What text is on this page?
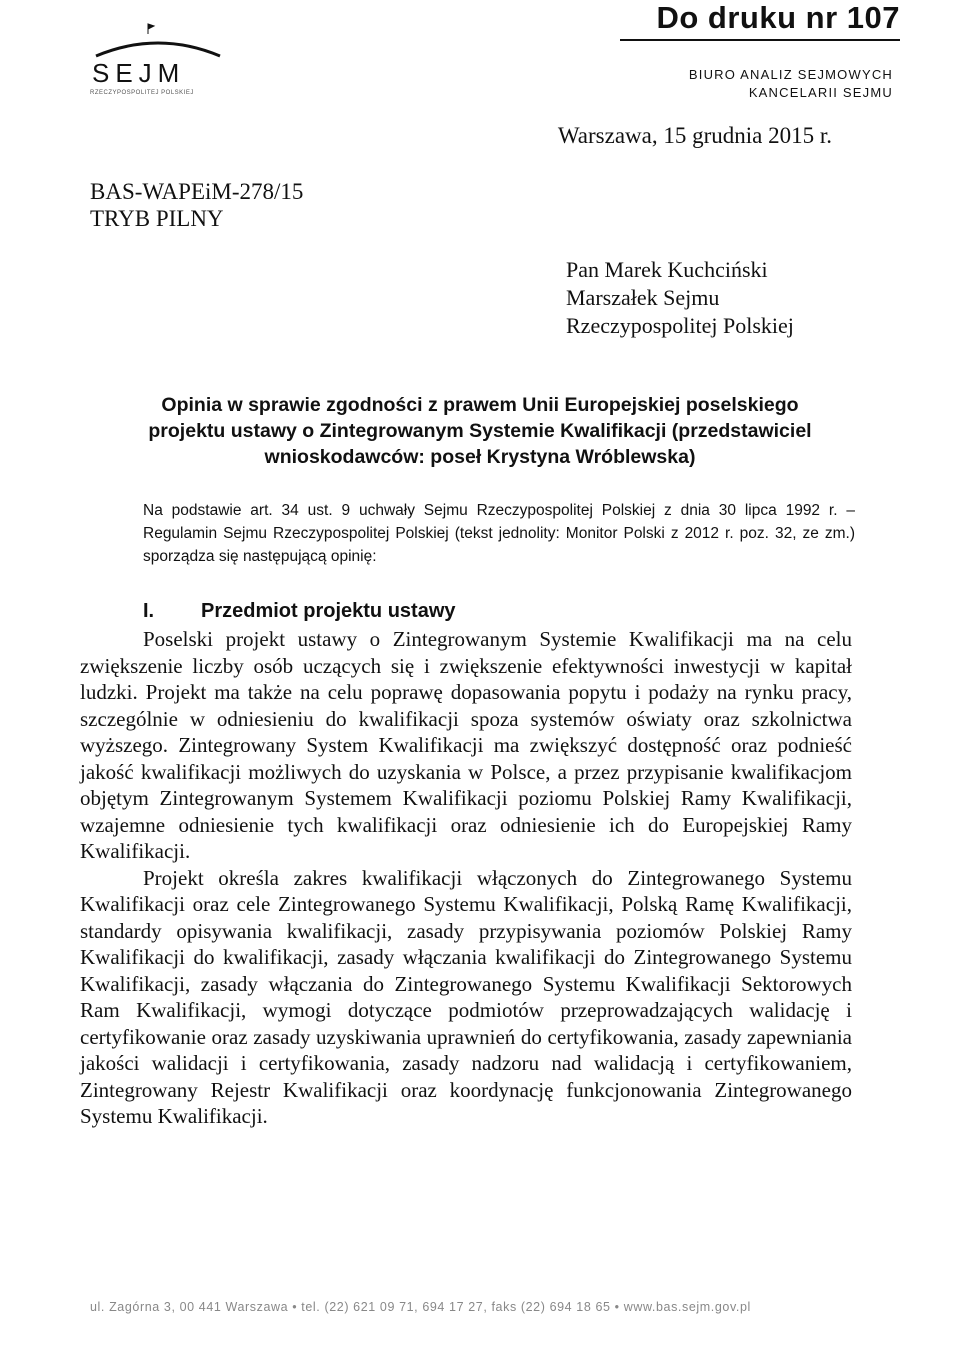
Do druku nr 107
SEJM
RZECZYPOSPOLITEJ POLSKIEJ
BIURO ANALIZ SEJMOWYCH
KANCELARII SEJMU
Warszawa, 15 grudnia 2015 r.
BAS-WAPEiM-278/15
TRYB PILNY
Pan Marek Kuchciński
Marszałek Sejmu
Rzeczypospolitej Polskiej
Opinia w sprawie zgodności z prawem Unii Europejskiej poselskiego
projektu ustawy o Zintegrowanym Systemie Kwalifikacji (przedstawiciel
wnioskodawców: poseł Krystyna Wróblewska)
Na podstawie art. 34 ust. 9 uchwały Sejmu Rzeczypospolitej Polskiej z dnia 30 lipca 1992 r. – Regulamin Sejmu Rzeczypospolitej Polskiej (tekst jednolity: Monitor Polski z 2012 r. poz. 32, ze zm.) sporządza się następującą opinię:
I. Przedmiot projektu ustawy

Poselski projekt ustawy o Zintegrowanym Systemie Kwalifikacji ma na celu zwiększenie liczby osób uczących się i zwiększenie efektywności inwestycji w kapitał ludzki. Projekt ma także na celu poprawę dopasowania popytu i podaży na rynku pracy, szczególnie w odniesieniu do kwalifikacji spoza systemów oświaty oraz szkolnictwa wyższego. Zintegrowany System Kwalifikacji ma zwiększyć dostępność oraz podnieść jakość kwalifikacji możliwych do uzyskania w Polsce, a przez przypisanie kwalifikacjom objętym Zintegrowanym Systemem Kwalifikacji poziomu Polskiej Ramy Kwalifikacji, wzajemne odniesienie tych kwalifikacji oraz odniesienie ich do Europejskiej Ramy Kwalifikacji.

Projekt określa zakres kwalifikacji włączonych do Zintegrowanego Systemu Kwalifikacji oraz cele Zintegrowanego Systemu Kwalifikacji, Polską Ramę Kwalifikacji, standardy opisywania kwalifikacji, zasady przypisywania poziomów Polskiej Ramy Kwalifikacji do kwalifikacji, zasady włączania kwalifikacji do Zintegrowanego Systemu Kwalifikacji, zasady włączania do Zintegrowanego Systemu Kwalifikacji Sektorowych Ram Kwalifikacji, wymogi dotyczące podmiotów przeprowadzających walidację i certyfikowanie oraz zasady uzyskiwania uprawnień do certyfikowania, zasady zapewniania jakości walidacji i certyfikowania, zasady nadzoru nad walidacją i certyfikowaniem, Zintegrowany Rejestr Kwalifikacji oraz koordynację funkcjonowania Zintegrowanego Systemu Kwalifikacji.

ul. Zagórna 3, 00 441 Warszawa • tel. (22) 621 09 71, 694 17 27, faks (22) 694 18 65 • www.bas.sejm.gov.pl
